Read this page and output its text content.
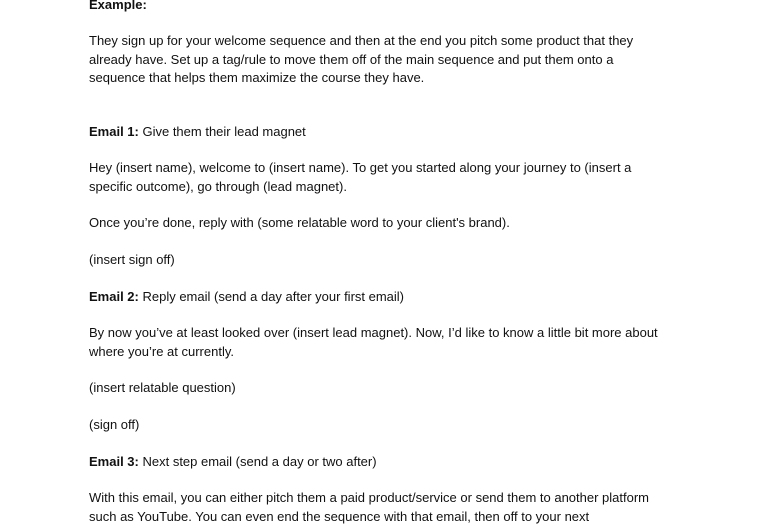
Example:

They sign up for your welcome sequence and then at the end you pitch some product that they already have. Set up a tag/rule to move them off of the main sequence and put them onto a sequence that helps them maximize the course they have.

Email 1: Give them their lead magnet

Hey (insert name), welcome to (insert name). To get you started along your journey to (insert a specific outcome), go through (lead magnet).

Once you’re done, reply with (some relatable word to your client's brand).

(insert sign off)

Email 2: Reply email (send a day after your first email)

By now you’ve at least looked over (insert lead magnet). Now, I’d like to know a little bit more about where you’re at currently.

(insert relatable question)

(sign off)

Email 3: Next step email (send a day or two after)

With this email, you can either pitch them a paid product/service or send them to another platform such as YouTube. You can even end the sequence with that email, then off to your next
